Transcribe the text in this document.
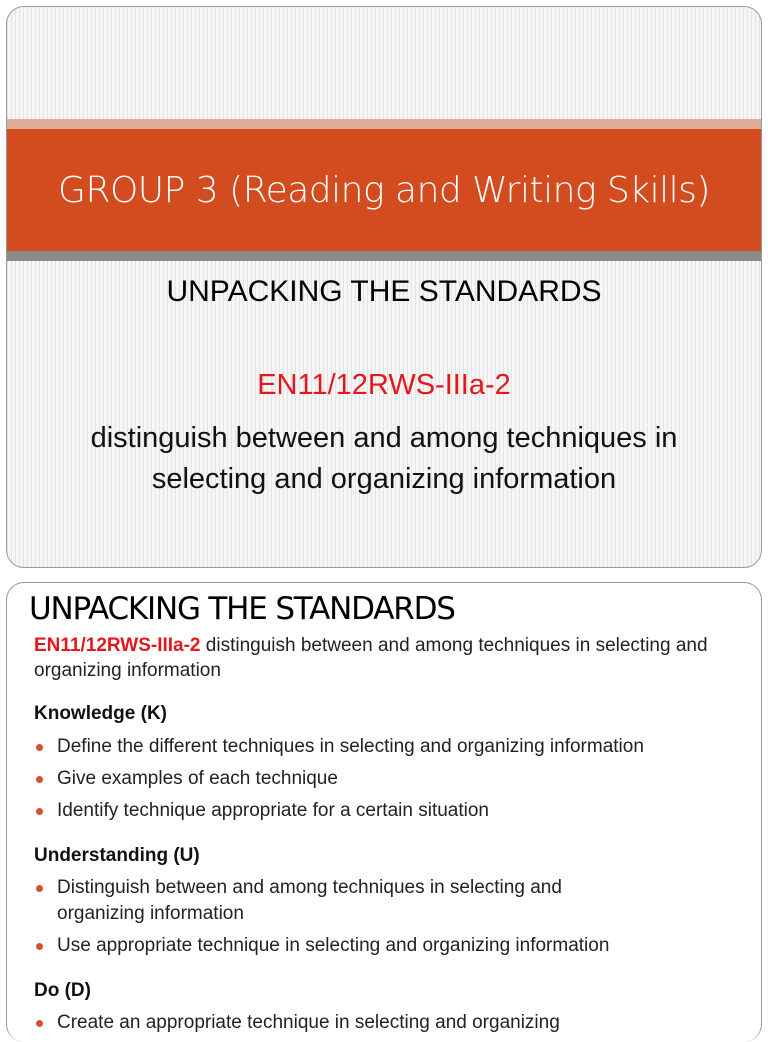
GROUP 3 (Reading and Writing Skills)
UNPACKING THE STANDARDS
EN11/12RWS-IIIa-2
distinguish between and among techniques in selecting and organizing information
UNPACKING THE STANDARDS
EN11/12RWS-IIIa-2 distinguish between and among techniques in selecting and organizing information
Knowledge (K)
Define the different techniques in selecting and organizing information
Give examples of each technique
Identify technique appropriate for a certain situation
Understanding (U)
Distinguish between and among techniques in selecting and organizing information
Use appropriate technique in selecting and organizing information
Do (D)
Create an appropriate technique in selecting and organizing
